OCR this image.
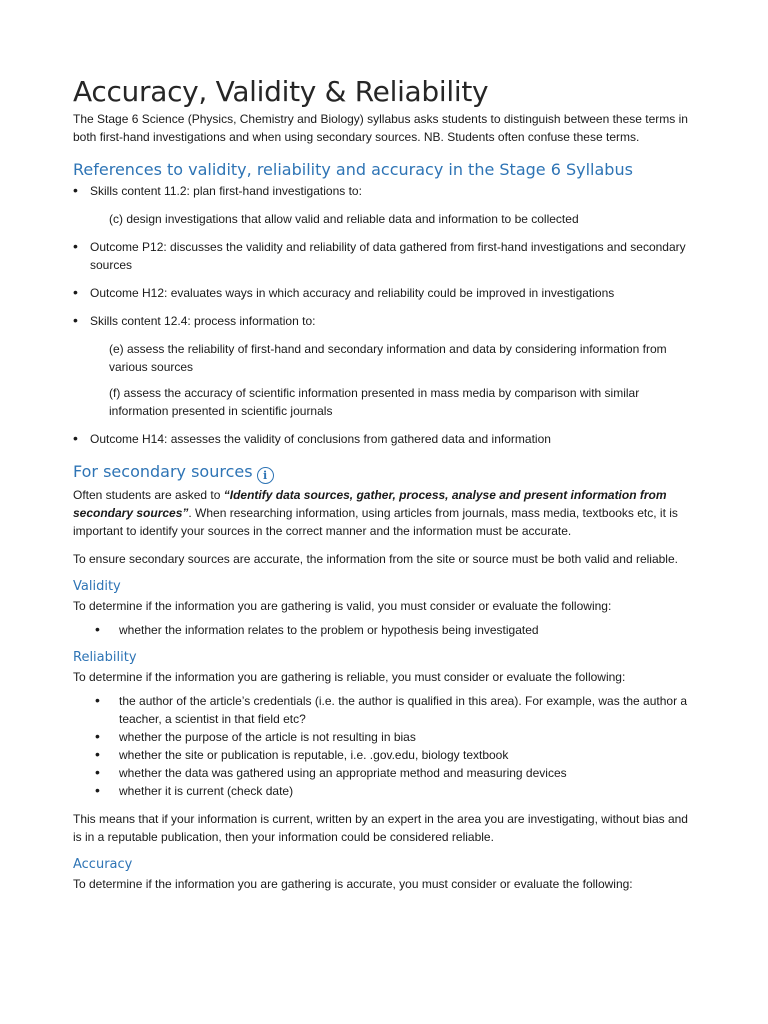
Accuracy, Validity & Reliability

The Stage 6 Science (Physics, Chemistry and Biology) syllabus asks students to distinguish between these terms in both first-hand investigations and when using secondary sources. NB. Students often confuse these terms.

References to validity, reliability and accuracy in the Stage 6 Syllabus
• Skills content 11.2: plan first-hand investigations to:

(c) design investigations that allow valid and reliable data and information to be collected

• Outcome P12: discusses the validity and reliability of data gathered from first-hand investigations and secondary sources
• Outcome H12: evaluates ways in which accuracy and reliability could be improved in investigations
• Skills content 12.4: process information to:

(e) assess the reliability of first-hand and secondary information and data by considering information from various sources

(f) assess the accuracy of scientific information presented in mass media by comparison with similar information presented in scientific journals

• Outcome H14: assesses the validity of conclusions from gathered data and information
For secondary sources i

Often students are asked to “Identify data sources, gather, process, analyse and present information from secondary sources”. When researching information, using articles from journals, mass media, textbooks etc, it is important to identify your sources in the correct manner and the information must be accurate.

To ensure secondary sources are accurate, the information from the site or source must be both valid and reliable.

Validity

To determine if the information you are gathering is valid, you must consider or evaluate the following:

• whether the information relates to the problem or hypothesis being investigated
Reliability

To determine if the information you are gathering is reliable, you must consider or evaluate the following:

• the author of the article’s credentials (i.e. the author is qualified in this area). For example, was the author a teacher, a scientist in that field etc?
• whether the purpose of the article is not resulting in bias
• whether the site or publication is reputable, i.e. .gov.edu, biology textbook
• whether the data was gathered using an appropriate method and measuring devices
• whether it is current (check date)

This means that if your information is current, written by an expert in the area you are investigating, without bias and is in a reputable publication, then your information could be considered reliable.

Accuracy

To determine if the information you are gathering is accurate, you must consider or evaluate the following:
